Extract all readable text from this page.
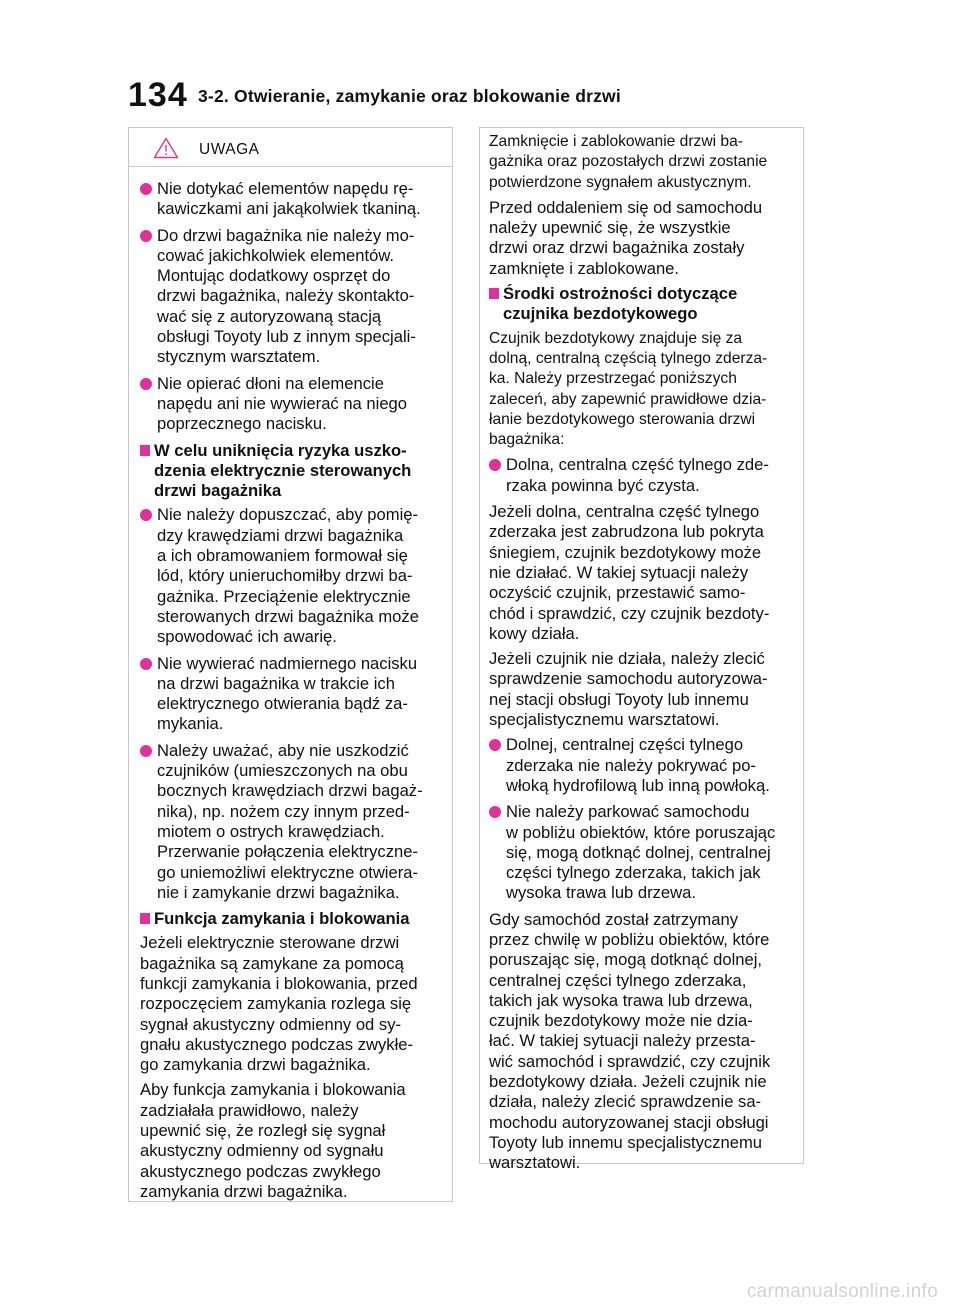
134 3-2. Otwieranie, zamykanie oraz blokowanie drzwi
UWAGA
Nie dotykać elementów napędu rę-
kawiczkami ani jakąkolwiek tkaniną.
Do drzwi bagażnika nie należy mo-
cować jakichkolwiek elementów.
Montując dodatkowy osprzęt do
drzwi bagażnika, należy skontakto-
wać się z autoryzowaną stacją
obsługi Toyoty lub z innym specjali-
stycznym warsztatem.
Nie opierać dłoni na elemencie
napędu ani nie wywierać na niego
poprzecznego nacisku.
W celu uniknięcia ryzyka uszko-
dzenia elektrycznie sterowanych
drzwi bagażnika
Nie należy dopuszczać, aby pomię-
dzy krawędziami drzwi bagażnika
a ich obramowaniem formował się
lód, który unieruchomiłby drzwi ba-
gażnika. Przeciążenie elektrycznie
sterowanych drzwi bagażnika może
spowodować ich awarię.
Nie wywierać nadmiernego nacisku
na drzwi bagażnika w trakcie ich
elektrycznego otwierania bądź za-
mykania.
Należy uważać, aby nie uszkodzić
czujników (umieszczonych na obu
bocznych krawędziach drzwi bagaż-
nika), np. nożem czy innym przed-
miotem o ostrych krawędziach.
Przerwanie połączenia elektryczne-
go uniemożliwi elektryczne otwiera-
nie i zamykanie drzwi bagażnika.
Funkcja zamykania i blokowania

Jeżeli elektrycznie sterowane drzwi
bagażnika są zamykane za pomocą
funkcji zamykania i blokowania, przed
rozpoczęciem zamykania rozlega się
sygnał akustyczny odmienny od sy-
gnału akustycznego podczas zwykłe-
go zamykania drzwi bagażnika.

Aby funkcja zamykania i blokowania
zadziałała prawidłowo, należy
upewnić się, że rozległ się sygnał
akustyczny odmienny od sygnału
akustycznego podczas zwykłego
zamykania drzwi bagażnika.

Zamknięcie i zablokowanie drzwi ba-
gażnika oraz pozostałych drzwi zostanie
potwierdzone sygnałem akustycznym.

Przed oddaleniem się od samochodu
należy upewnić się, że wszystkie
drzwi oraz drzwi bagażnika zostały
zamknięte i zablokowane.

Środki ostrożności dotyczące
czujnika bezdotykowego

Czujnik bezdotykowy znajduje się za
dolną, centralną częścią tylnego zderza-
ka. Należy przestrzegać poniższych
zaleceń, aby zapewnić prawidłowe dzia-
łanie bezdotykowego sterowania drzwi
bagażnika:

Dolna, centralna część tylnego zde-
rzaka powinna być czysta.

Jeżeli dolna, centralna część tylnego
zderzaka jest zabrudzona lub pokryta
śniegiem, czujnik bezdotykowy może
nie działać. W takiej sytuacji należy
oczyścić czujnik, przestawić samo-
chód i sprawdzić, czy czujnik bezdoty-
kowy działa.

Jeżeli czujnik nie działa, należy zlecić
sprawdzenie samochodu autoryzowa-
nej stacji obsługi Toyoty lub innemu
specjalistycznemu warsztatowi.

Dolnej, centralnej części tylnego
zderzaka nie należy pokrywać po-
włoką hydrofilową lub inną powłoką.
Nie należy parkować samochodu
w pobliżu obiektów, które poruszając
się, mogą dotknąć dolnej, centralnej
części tylnego zderzaka, takich jak
wysoka trawa lub drzewa.

Gdy samochód został zatrzymany
przez chwilę w pobliżu obiektów, które
poruszając się, mogą dotknąć dolnej,
centralnej części tylnego zderzaka,
takich jak wysoka trawa lub drzewa,
czujnik bezdotykowy może nie dzia-
łać. W takiej sytuacji należy przesta-
wić samochód i sprawdzić, czy czujnik
bezdotykowy działa. Jeżeli czujnik nie
działa, należy zlecić sprawdzenie sa-
mochodu autoryzowanej stacji obsługi
Toyoty lub innemu specjalistycznemu
warsztatowi.

carmanualsonline.info
